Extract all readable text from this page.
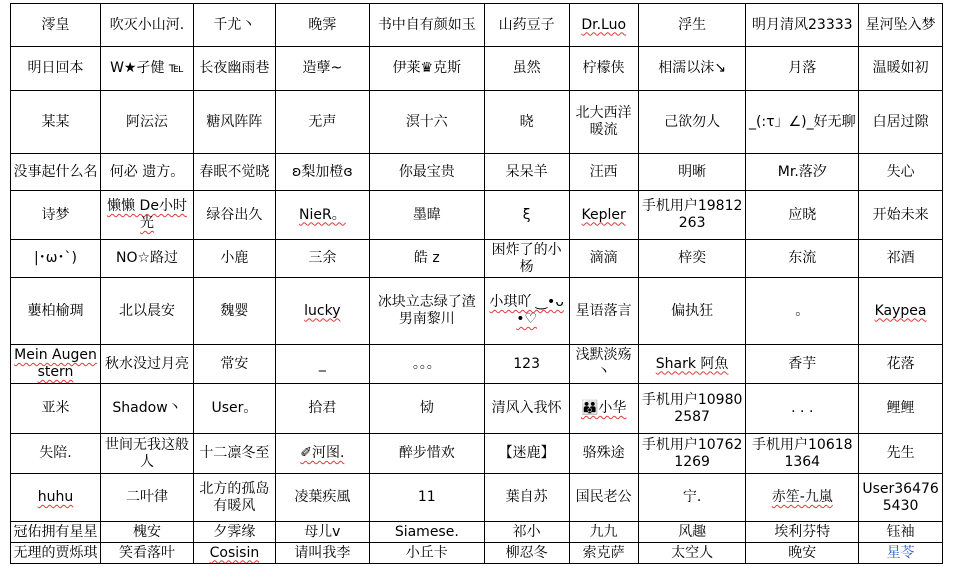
澪皇	吹灭小山河.	千尤丶	晚霁	书中自有颜如玉	山药豆子	Dr.Luo	浮生	明月清风23333	星河坠入梦
明日回本	W★孑健 ℡	长夜幽雨巷	造孽~	伊莱♛克斯	虽然	柠檬侠	相濡以沫↘	月落	温暖如初
某某	阿沄沄	糖风阵阵	无声	溟十六	晓	北大西洋暖流	己欲勿人	_(:τ」∠)_好无聊	白居过隙
没事起什么名	何必 遗方。	春眠不觉晓	ʚ梨加橙ɞ	你最宝贵	呆呆羊	汪西	明晰	Mr.落汐	失心
诗梦	懒懒 De小时光	绿谷出久	NieR。	墨暐	ξ	Kepler	手机用户19812263	应晓	开始未来
|･ω･`)	NO☆路过	小鹿	三余	皓 z	困炸了的小杨	滴滴	梓奕	东流	祁酒
蘡柏榆琱	北以晨安	魏婴	lucky	冰块立志绿了渣男南黎川	小琪吖 ‿•ᴗ•♡	星语落言	偏执狂	。	Kaypea
Mein Augenstern	秋水没过月亮	常安	_	。。。	123	浅默淡殇丶	Shark 阿魚	香芋	花落
亚米	Shadow丶	User。	拾君	恸	清风入我怀	👪小华	手机用户109802587	. . .	鲤鲤
失陪.	世间无我这般人	十二凛冬至	✐河图.	醉步惜欢	【迷鹿】	骆殊途	手机用户107621269	手机用户106181364	先生
huhu	二叶律	北方的孤岛有暖风	凌葉疾風	11	葉自苏	国民老公	宁.	赤笙-九嵐	User364765430
冠佑拥有星星	槐安	夕霁缘	母儿ⅴ	Siamese.	祁小	九九	风趣	埃利芬特	钰袖
无理的贾烁琪	笑看落叶	Cosisin	请叫我李	小丘卡	柳忍冬	索克萨	太空人	晚安	星苓
